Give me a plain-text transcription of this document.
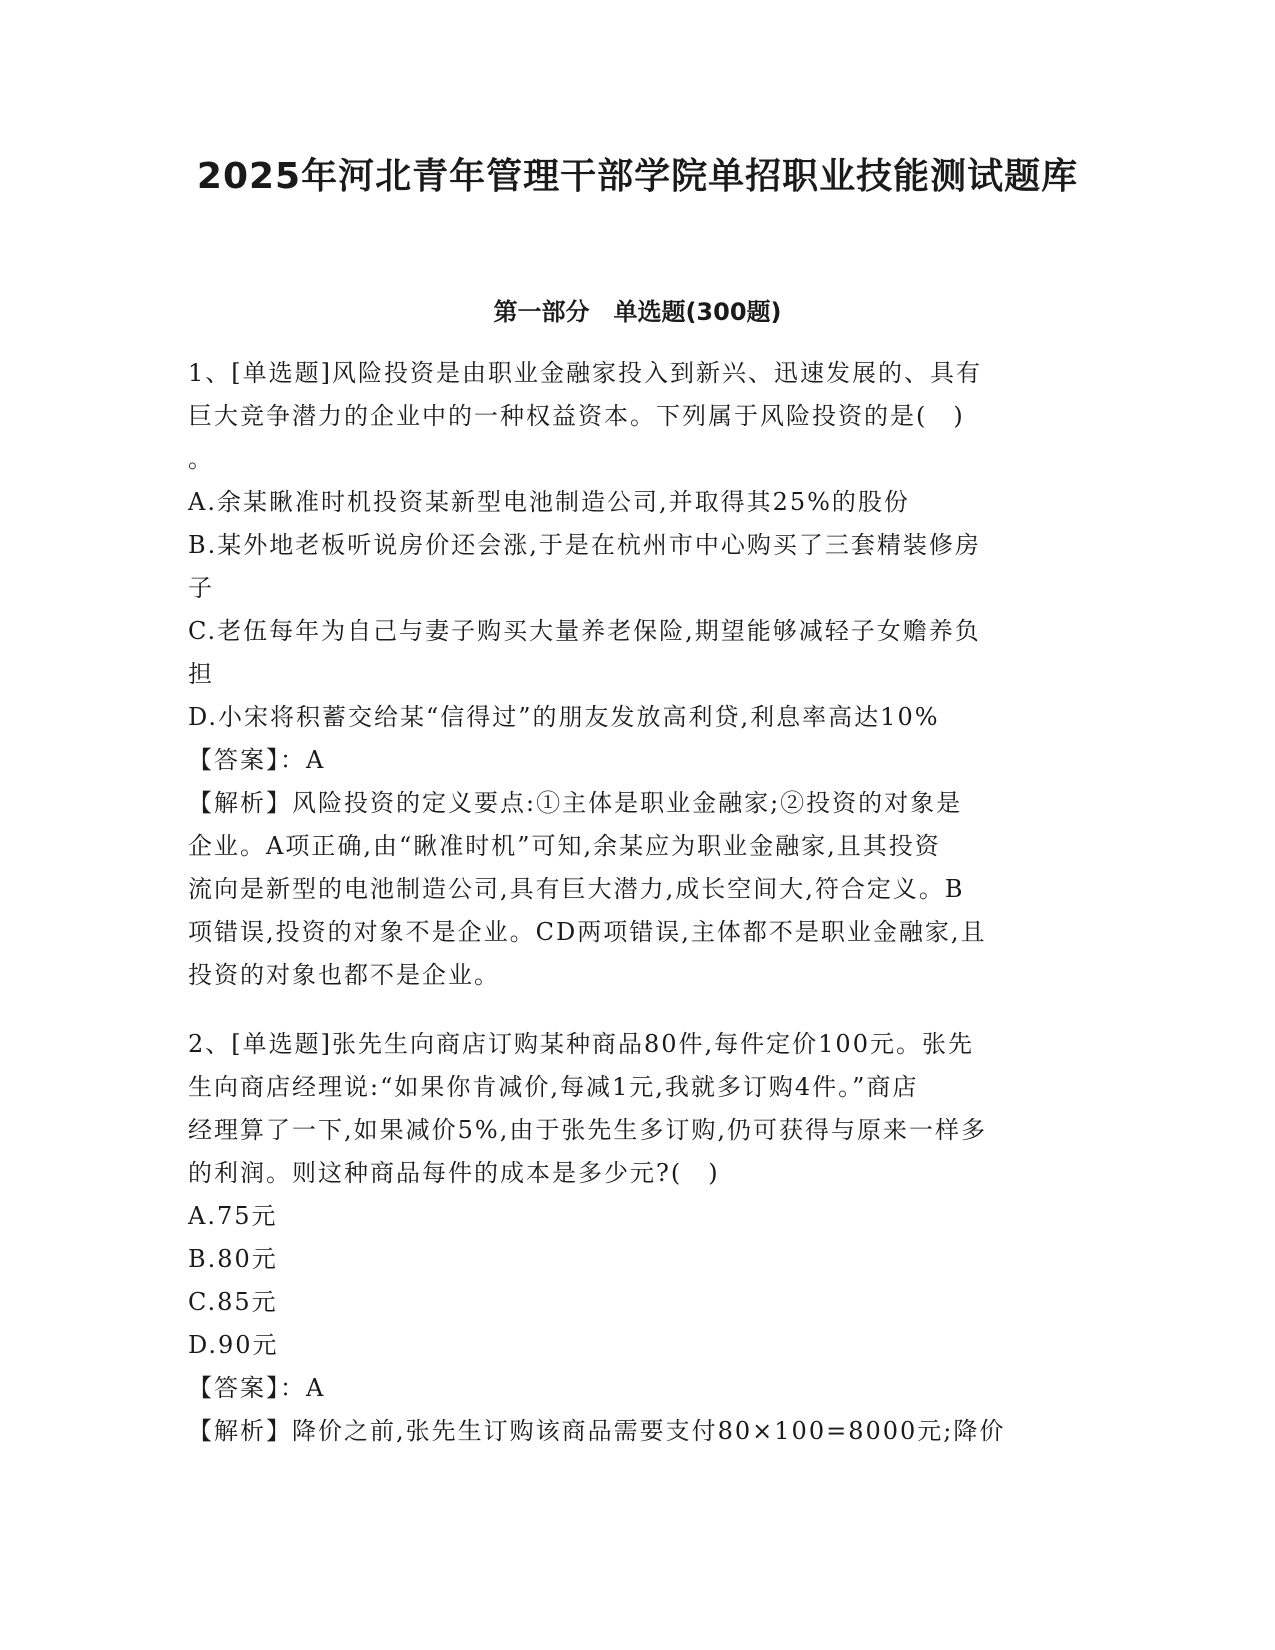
2025年河北青年管理干部学院单招职业技能测试题库
第一部分　单选题(300题)
1、[单选题]风险投资是由职业金融家投入到新兴、迅速发展的、具有
巨大竞争潜力的企业中的一种权益资本。下列属于风险投资的是(　)
。
A.余某瞅准时机投资某新型电池制造公司,并取得其25%的股份
B.某外地老板听说房价还会涨,于是在杭州市中心购买了三套精装修房
子
C.老伍每年为自己与妻子购买大量养老保险,期望能够减轻子女赡养负
担
D.小宋将积蓄交给某“信得过”的朋友发放高利贷,利息率高达10%
【答案】：A
【解析】风险投资的定义要点:①主体是职业金融家;②投资的对象是
企业。A项正确,由“瞅准时机”可知,余某应为职业金融家,且其投资
流向是新型的电池制造公司,具有巨大潜力,成长空间大,符合定义。B
项错误,投资的对象不是企业。CD两项错误,主体都不是职业金融家,且
投资的对象也都不是企业。
2、[单选题]张先生向商店订购某种商品80件,每件定价100元。张先
生向商店经理说:“如果你肯减价,每减1元,我就多订购4件。”商店
经理算了一下,如果减价5%,由于张先生多订购,仍可获得与原来一样多
的利润。则这种商品每件的成本是多少元?(　)
A.75元
B.80元
C.85元
D.90元
【答案】：A
【解析】降价之前,张先生订购该商品需要支付80×100=8000元;降价
